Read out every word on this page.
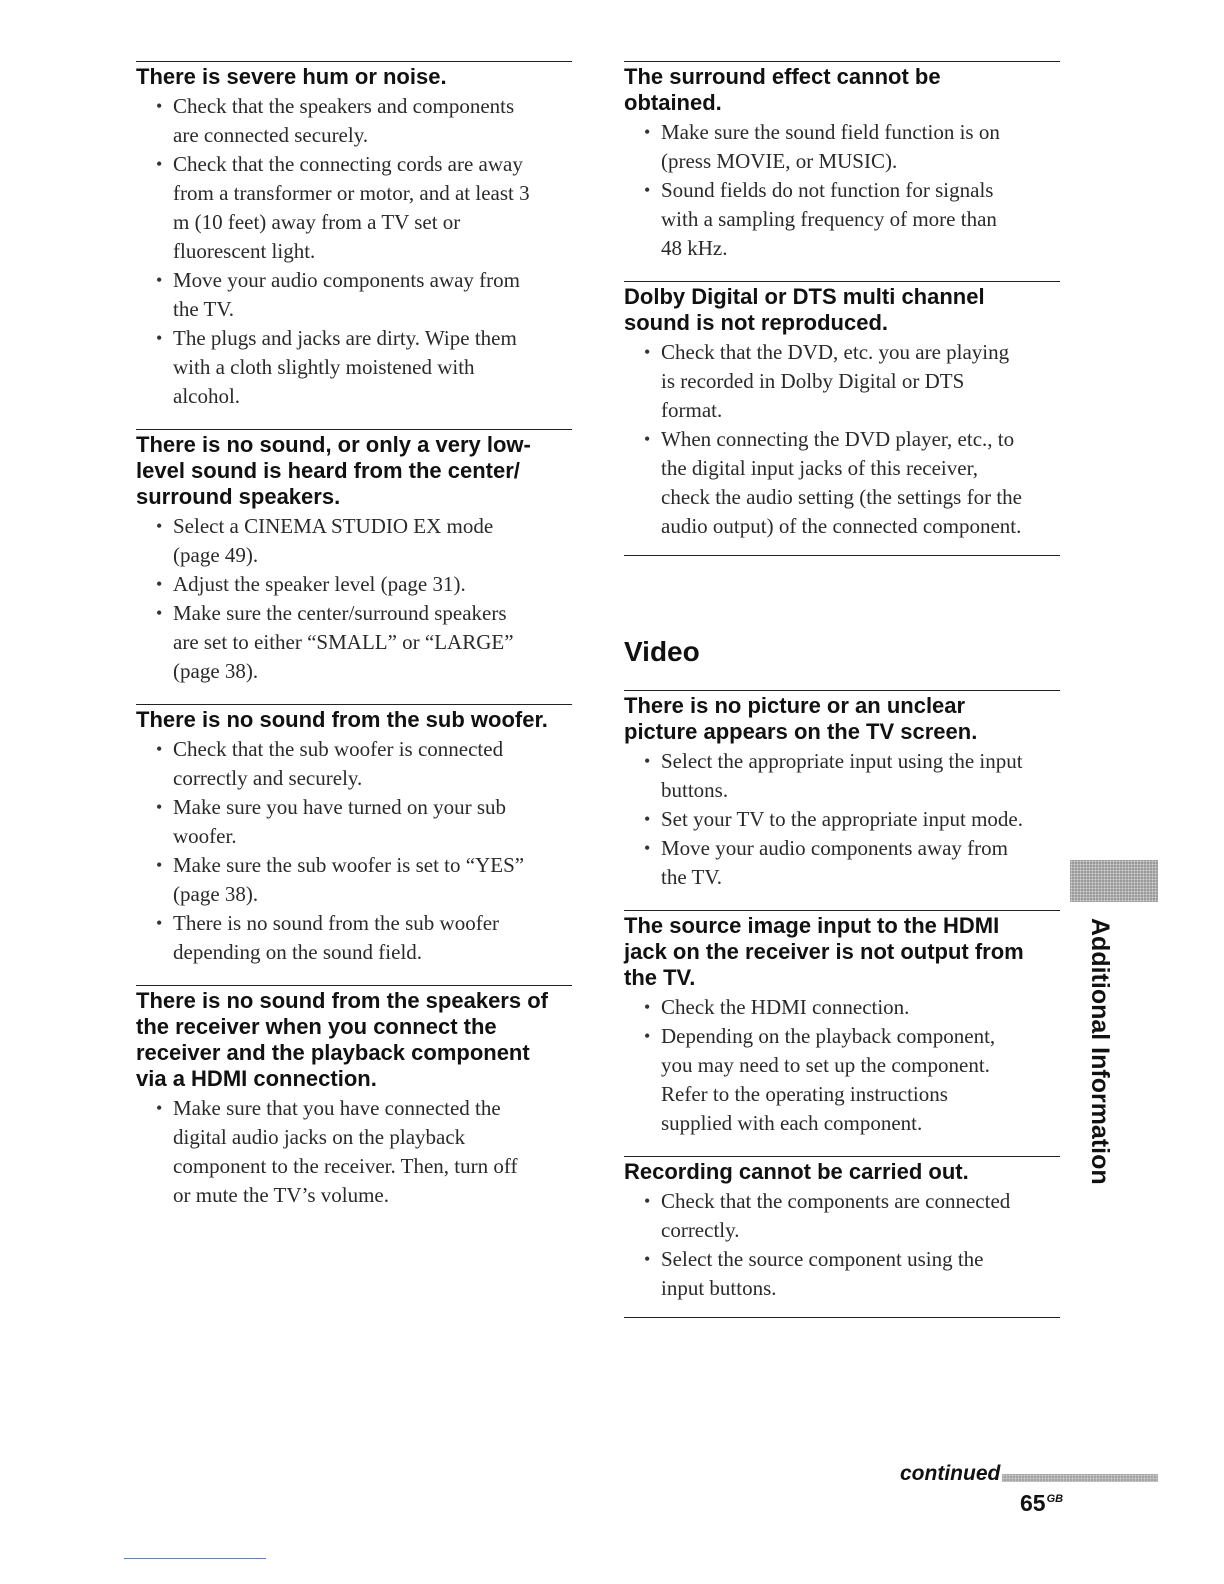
There is severe hum or noise.
• Check that the speakers and components
are connected securely.
• Check that the connecting cords are away
from a transformer or motor, and at least 3
m (10 feet) away from a TV set or
fluorescent light.
• Move your audio components away from
the TV.
• The plugs and jacks are dirty. Wipe them
with a cloth slightly moistened with
alcohol.
There is no sound, or only a very low-
level sound is heard from the center/
surround speakers.
• Select a CINEMA STUDIO EX mode
(page 49).
• Adjust the speaker level (page 31).
• Make sure the center/surround speakers
are set to either “SMALL” or “LARGE”
(page 38).
There is no sound from the sub woofer.
• Check that the sub woofer is connected
correctly and securely.
• Make sure you have turned on your sub
woofer.
• Make sure the sub woofer is set to “YES”
(page 38).
• There is no sound from the sub woofer
depending on the sound field.
There is no sound from the speakers of
the receiver when you connect the
receiver and the playback component
via a HDMI connection.
• Make sure that you have connected the
digital audio jacks on the playback
component to the receiver. Then, turn off
or mute the TV’s volume.
The surround effect cannot be
obtained.
• Make sure the sound field function is on
(press MOVIE, or MUSIC).
• Sound fields do not function for signals
with a sampling frequency of more than
48 kHz.
Dolby Digital or DTS multi channel
sound is not reproduced.
• Check that the DVD, etc. you are playing
is recorded in Dolby Digital or DTS
format.
• When connecting the DVD player, etc., to
the digital input jacks of this receiver,
check the audio setting (the settings for the
audio output) of the connected component.
Video
There is no picture or an unclear
picture appears on the TV screen.
• Select the appropriate input using the input
buttons.
• Set your TV to the appropriate input mode.
• Move your audio components away from
the TV.
The source image input to the HDMI
jack on the receiver is not output from
the TV.
• Check the HDMI connection.
• Depending on the playback component,
you may need to set up the component.
Refer to the operating instructions
supplied with each component.
Recording cannot be carried out.
• Check that the components are connected
correctly.
• Select the source component using the
input buttons.
Additional Information
continued
$65^{GB}$
